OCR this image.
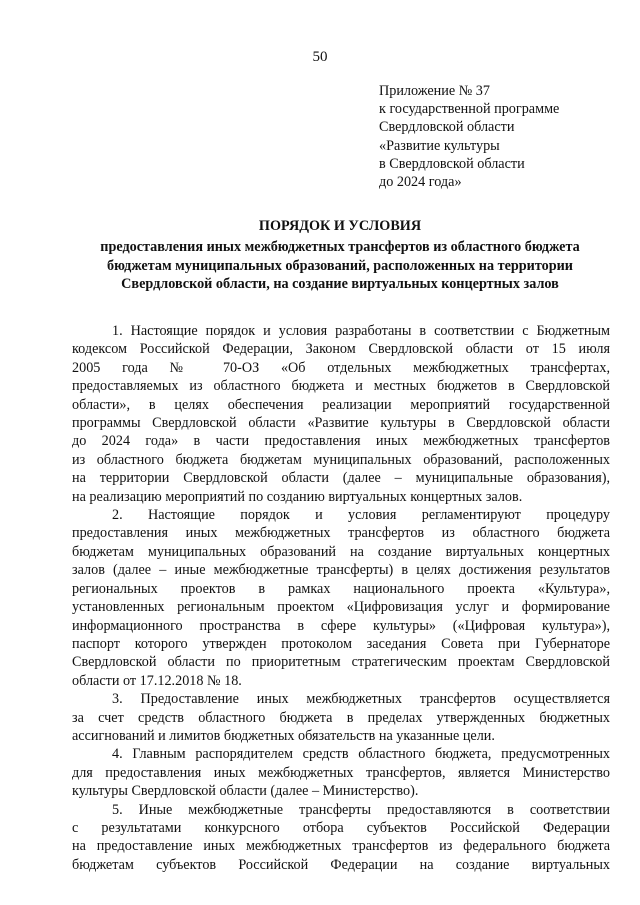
50
Приложение № 37
к государственной программе
Свердловской области
«Развитие культуры
в Свердловской области
до 2024 года»
ПОРЯДОК И УСЛОВИЯ
предоставления иных межбюджетных трансфертов из областного бюджета
бюджетам муниципальных образований, расположенных на территории
Свердловской области, на создание виртуальных концертных залов
1. Настоящие порядок и условия разработаны в соответствии с Бюджетным
кодексом Российской Федерации, Законом Свердловской области от 15 июля
2005 года № 70-ОЗ «Об отдельных межбюджетных трансфертах,
предоставляемых из областного бюджета и местных бюджетов в Свердловской
области», в целях обеспечения реализации мероприятий государственной
программы Свердловской области «Развитие культуры в Свердловской области
до 2024 года» в части предоставления иных межбюджетных трансфертов
из областного бюджета бюджетам муниципальных образований, расположенных
на территории Свердловской области (далее – муниципальные образования),
на реализацию мероприятий по созданию виртуальных концертных залов.
2. Настоящие порядок и условия регламентируют процедуру
предоставления иных межбюджетных трансфертов из областного бюджета
бюджетам муниципальных образований на создание виртуальных концертных
залов (далее – иные межбюджетные трансферты) в целях достижения результатов
региональных проектов в рамках национального проекта «Культура»,
установленных региональным проектом «Цифровизация услуг и формирование
информационного пространства в сфере культуры» («Цифровая культура»),
паспорт которого утвержден протоколом заседания Совета при Губернаторе
Свердловской области по приоритетным стратегическим проектам Свердловской
области от 17.12.2018 № 18.
3. Предоставление иных межбюджетных трансфертов осуществляется
за счет средств областного бюджета в пределах утвержденных бюджетных
ассигнований и лимитов бюджетных обязательств на указанные цели.
4. Главным распорядителем средств областного бюджета, предусмотренных
для предоставления иных межбюджетных трансфертов, является Министерство
культуры Свердловской области (далее – Министерство).
5. Иные межбюджетные трансферты предоставляются в соответствии
с результатами конкурсного отбора субъектов Российской Федерации
на предоставление иных межбюджетных трансфертов из федерального бюджета
бюджетам субъектов Российской Федерации на создание виртуальных
